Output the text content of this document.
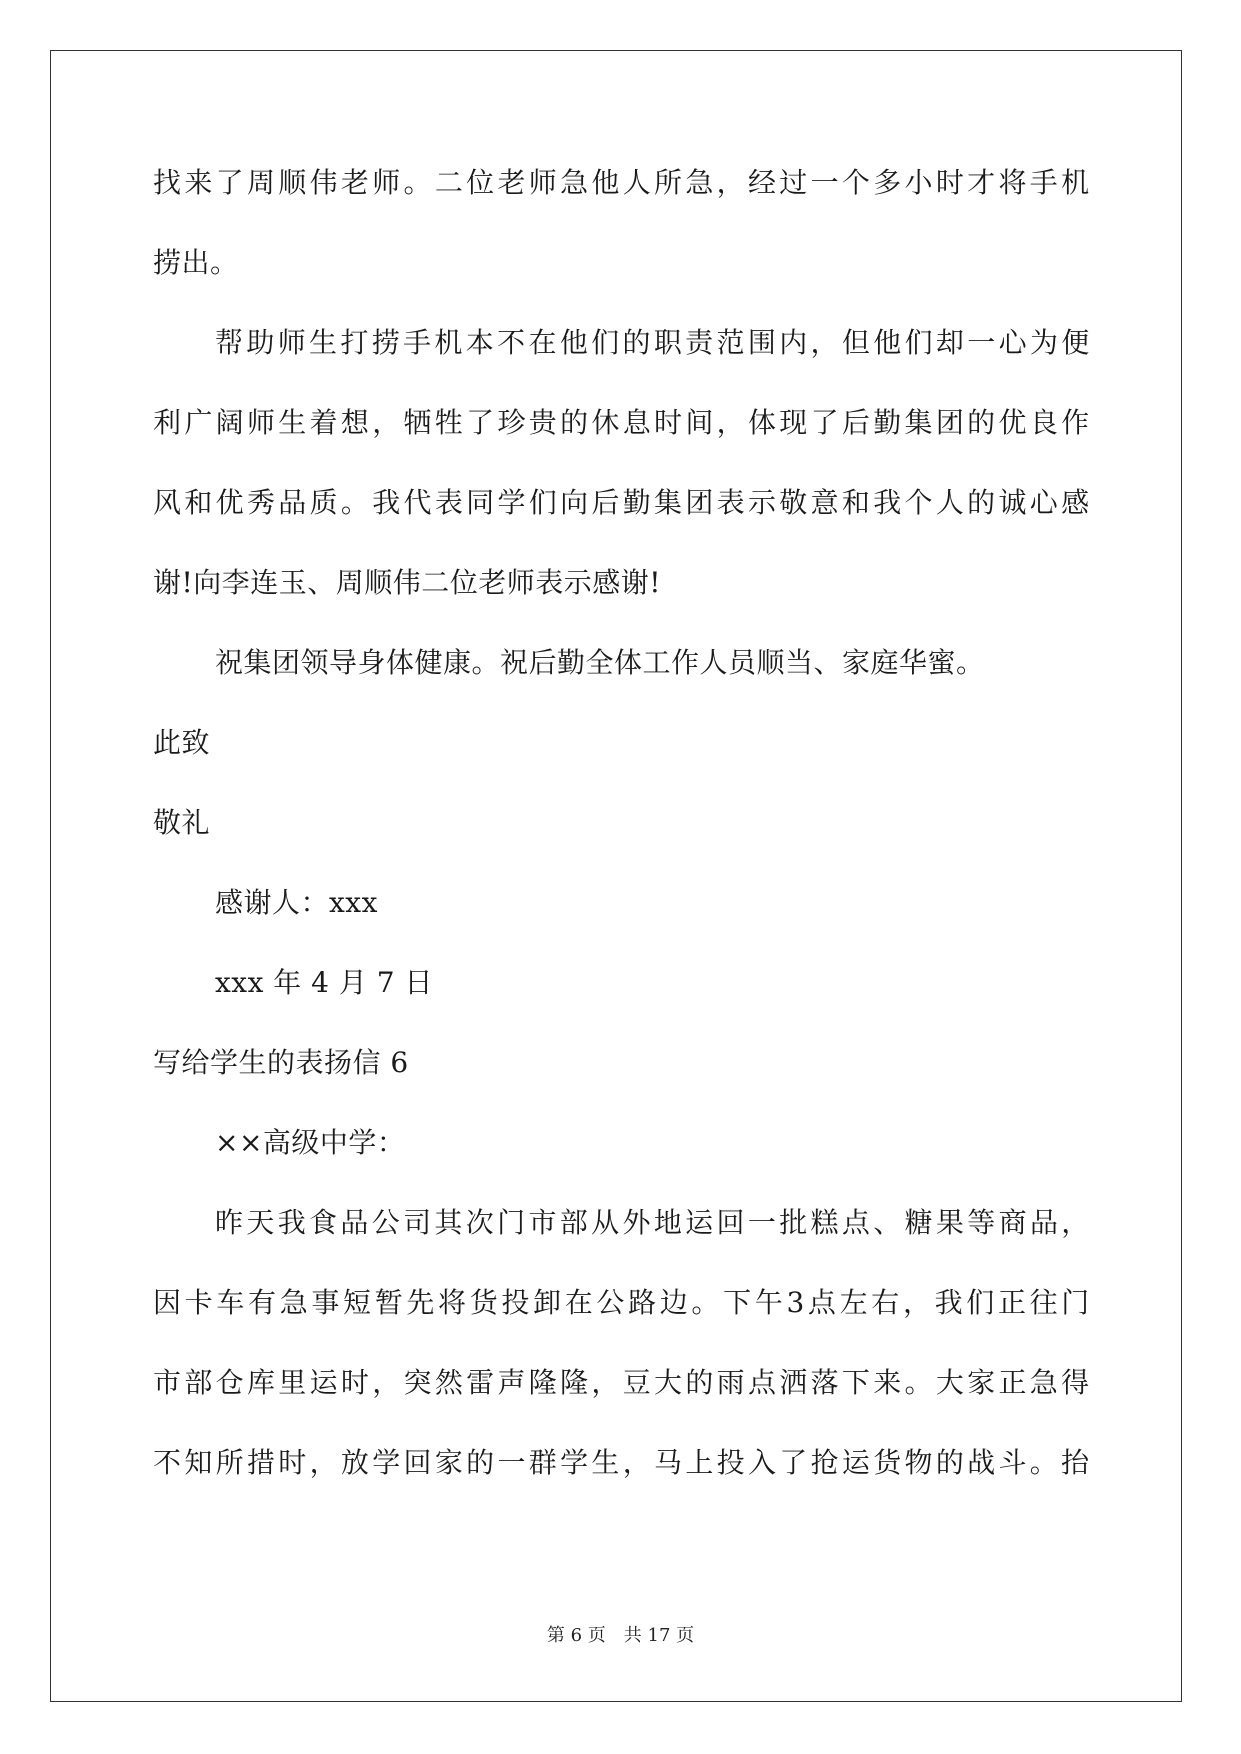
找 来 了 周 顺 伟 老 师 。 二 位 老 师 急 他 人 所 急 ， 经 过 一 个 多 小 时 才 将 手 机
捞出。
帮 助 师 生 打 捞 手 机 本 不 在 他 们 的 职 责 范 围 内 ， 但 他 们 却 一 心 为 便
利 广 阔 师 生 着 想 ， 牺 牲 了 珍 贵 的 休 息 时 间 ， 体 现 了 后 勤 集 团 的 优 良 作
风 和 优 秀 品 质 。 我 代 表 同 学 们 向 后 勤 集 团 表 示 敬 意 和 我 个 人 的 诚 心 感
谢!向李连玉、周顺伟二位老师表示感谢!
祝集团领导身体健康。祝后勤全体工作人员顺当、家庭华蜜。
此致
敬礼
感谢人：xxx
xxx 年 4 月 7 日
写给学生的表扬信 6
××高级中学：
昨 天 我 食 品 公 司 其 次 门 市 部 从 外 地 运 回 一 批 糕 点 、 糖 果 等 商 品 ，
因 卡 车 有 急 事 短 暂 先 将 货 投 卸 在 公 路 边 。 下 午 3 点 左 右 ， 我 们 正 往 门
市 部 仓 库 里 运 时 ， 突 然 雷 声 隆 隆 ， 豆 大 的 雨 点 洒 落 下 来 。 大 家 正 急 得
不 知 所 措 时 ， 放 学 回 家 的 一 群 学 生 ， 马 上 投 入 了 抢 运 货 物 的 战 斗 。 抬
第 6 页 共 17 页
